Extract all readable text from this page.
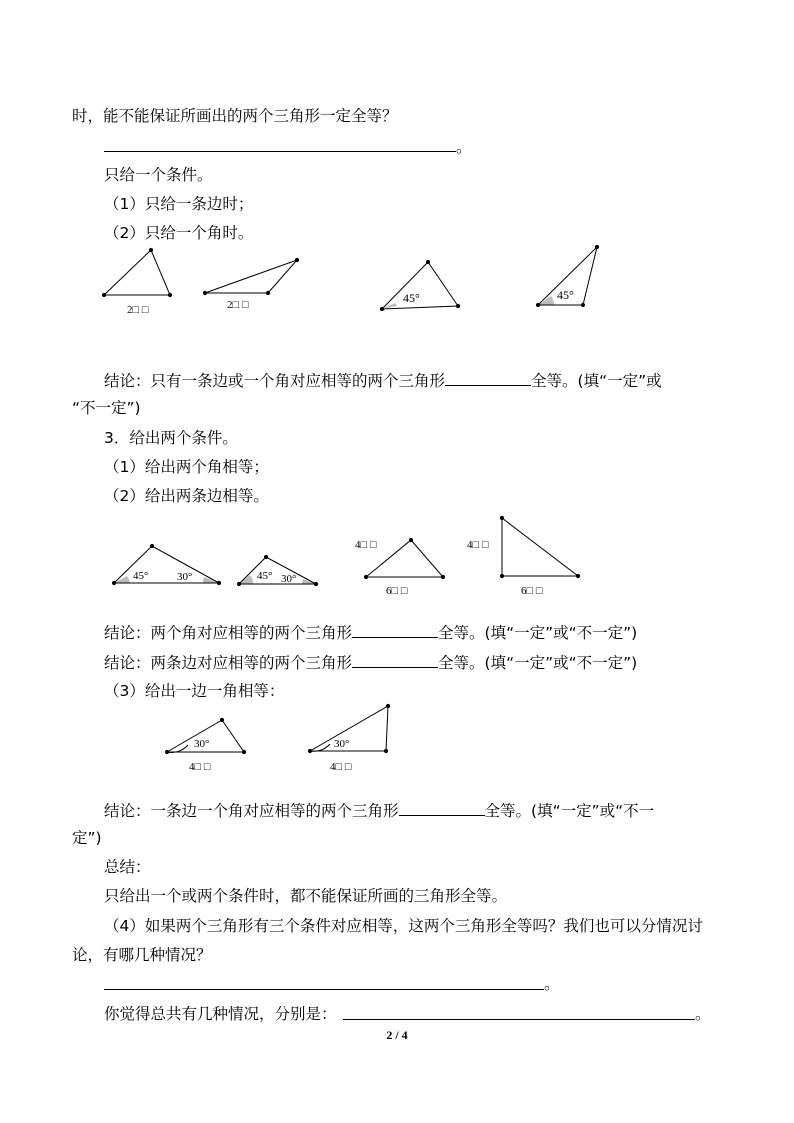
时，能不能保证所画出的两个三角形一定全等？
。
只给一个条件。
（1）只给一条边时；
（2）只给一个角时。
2□ □	2□ □	45°	45°
结论：只有一条边或一个角对应相等的两个三角形	全等。(填“一定”或
“不一定”)
3．给出两个条件。
（1）给出两个角相等；
（2）给出两条边相等。
45°	30°	45° 30°
4□ □
6□ □
4□ □
6□ □
结论：两个角对应相等的两个三角形	全等。(填“一定”或“不一定”)
结论：两条边对应相等的两个三角形	全等。(填“一定”或“不一定”)
（3）给出一边一角相等：
30°
4□ □
30°
4□ □
结论：一条边一个角对应相等的两个三角形	全等。(填“一定”或“不一
定”)
总结：
只给出一个或两个条件时，都不能保证所画的三角形全等。
（4）如果两个三角形有三个条件对应相等，这两个三角形全等吗？我们也可以分情况讨
论，有哪几种情况？
。
你觉得总共有几种情况，分别是：	。
2 / 4
